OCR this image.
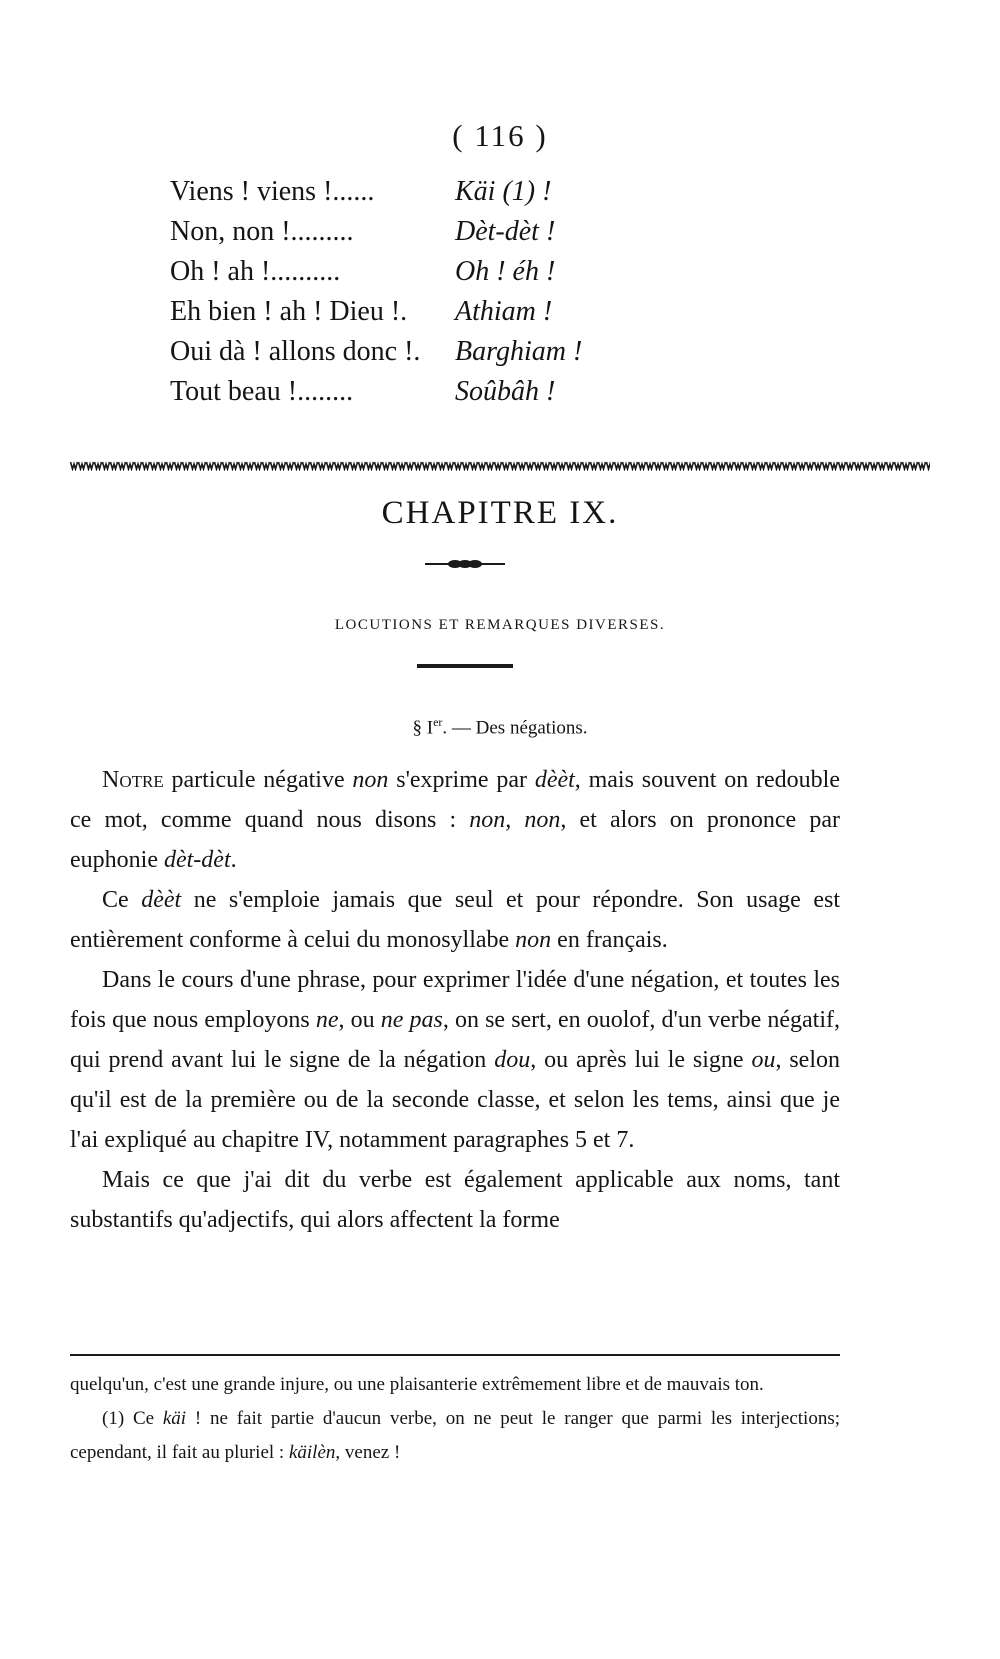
( 116 )
Viens ! viens !......	Käi (1) !
Non, non !.........	Dèt-dèt !
Oh ! ah !..........	Oh ! éh !
Eh bien ! ah ! Dieu !.	Athiam !
Oui dà ! allons donc !.	Barghiam !
Tout beau !........	Soûbâh !
CHAPITRE IX.
LOCUTIONS ET REMARQUES DIVERSES.
§ Ier. — Des négations.

Notre particule négative non s'exprime par dèèt, mais souvent on redouble ce mot, comme quand nous disons : non, non, et alors on prononce par euphonie dèt-dèt.

Ce dèèt ne s'emploie jamais que seul et pour répondre. Son usage est entièrement conforme à celui du monosyllabe non en français.

Dans le cours d'une phrase, pour exprimer l'idée d'une négation, et toutes les fois que nous employons ne, ou ne pas, on se sert, en ouolof, d'un verbe négatif, qui prend avant lui le signe de la négation dou, ou après lui le signe ou, selon qu'il est de la première ou de la seconde classe, et selon les tems, ainsi que je l'ai expliqué au chapitre IV, notamment paragraphes 5 et 7.

Mais ce que j'ai dit du verbe est également applicable aux noms, tant substantifs qu'adjectifs, qui alors affectent la forme

quelqu'un, c'est une grande injure, ou une plaisanterie extrêmement libre et de mauvais ton.

(1) Ce käi ! ne fait partie d'aucun verbe, on ne peut le ranger que parmi les interjections; cependant, il fait au pluriel : käilèn, venez !
